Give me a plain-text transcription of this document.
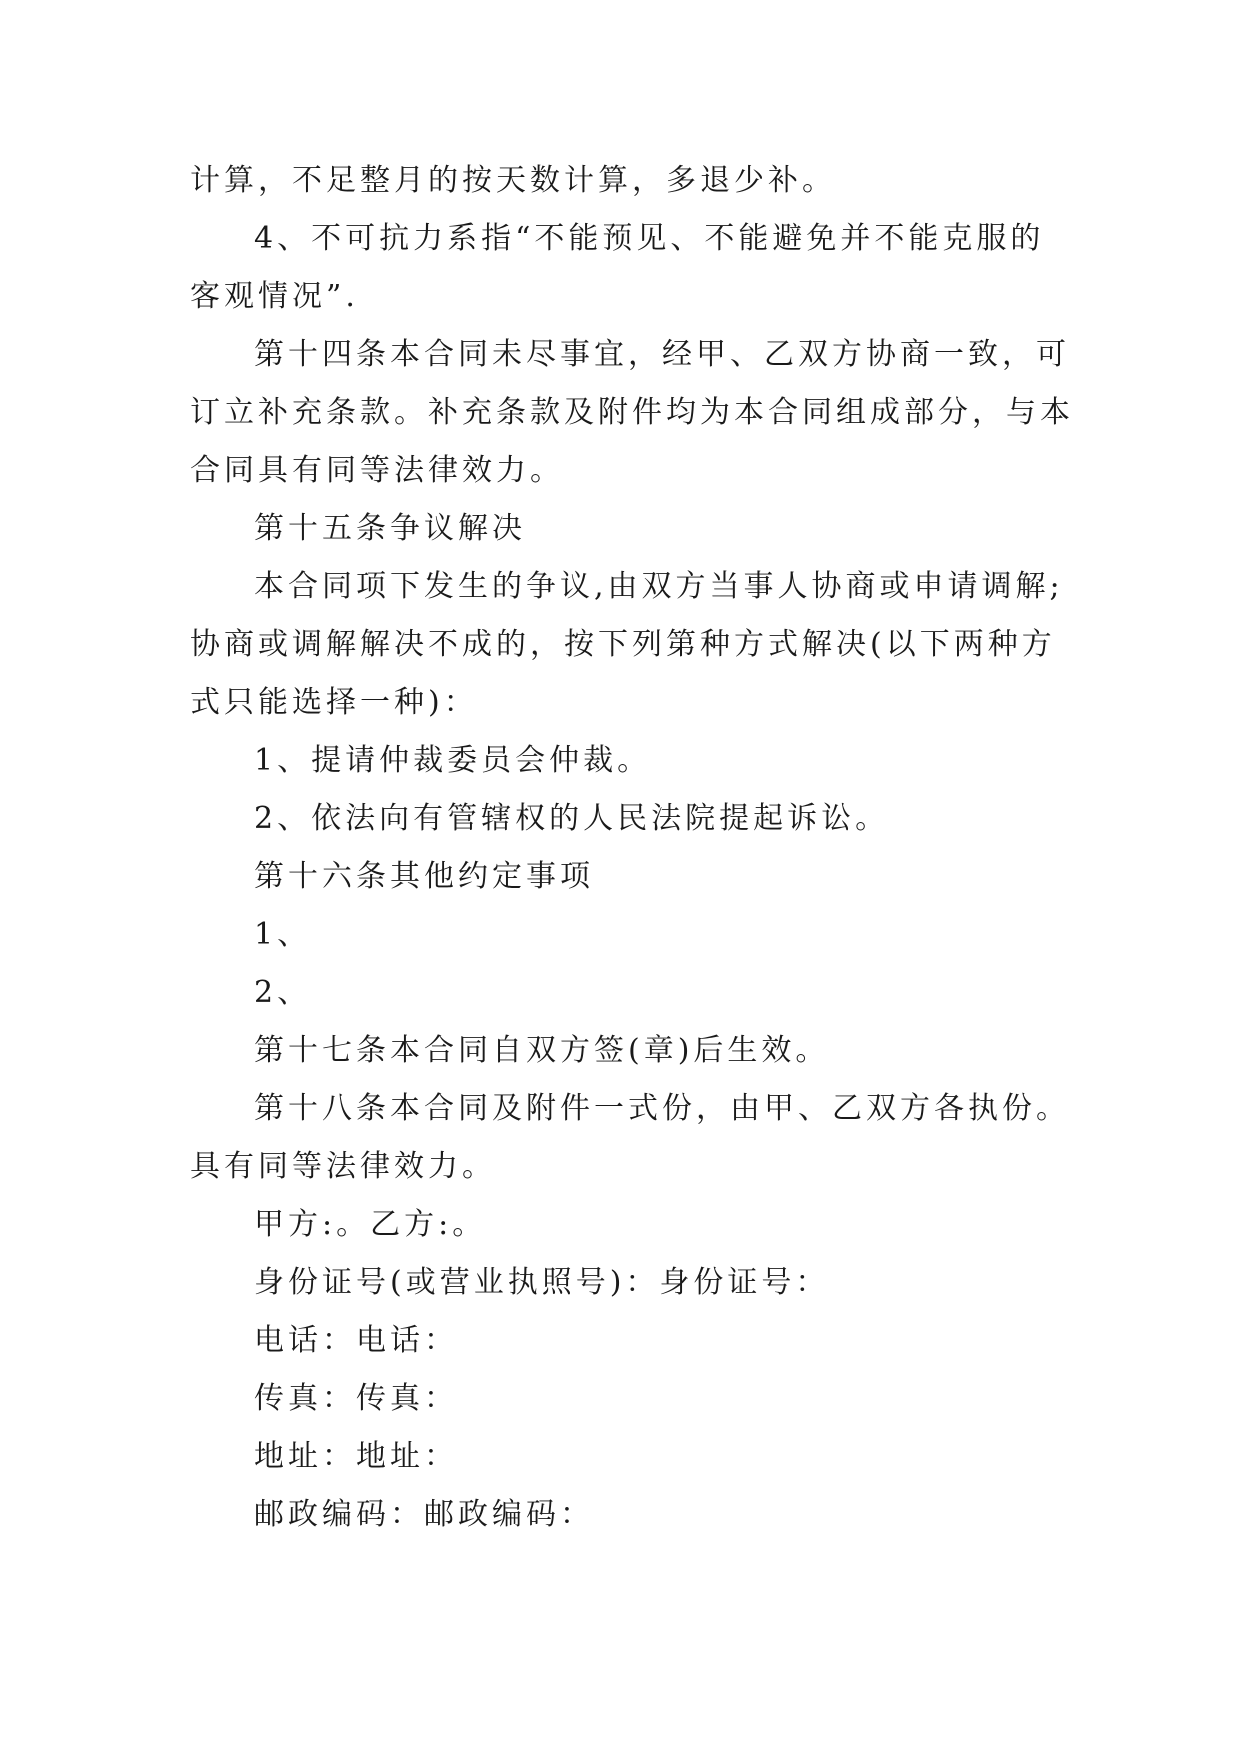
计算，不足整月的按天数计算，多退少补。
4、不可抗力系指“不能预见、不能避免并不能克服的
客观情况”.
第十四条本合同未尽事宜，经甲、乙双方协商一致，可
订立补充条款。补充条款及附件均为本合同组成部分，与本
合同具有同等法律效力。
第十五条争议解决
本合同项下发生的争议,由双方当事人协商或申请调解;
协商或调解解决不成的，按下列第种方式解决(以下两种方
式只能选择一种)：
1、提请仲裁委员会仲裁。
2、依法向有管辖权的人民法院提起诉讼。
第十六条其他约定事项
1、
2、
第十七条本合同自双方签(章)后生效。
第十八条本合同及附件一式份，由甲、乙双方各执份。
具有同等法律效力。
甲方:。乙方:。
身份证号(或营业执照号)：身份证号：
电话：电话：
传真：传真：
地址：地址：
邮政编码：邮政编码：
